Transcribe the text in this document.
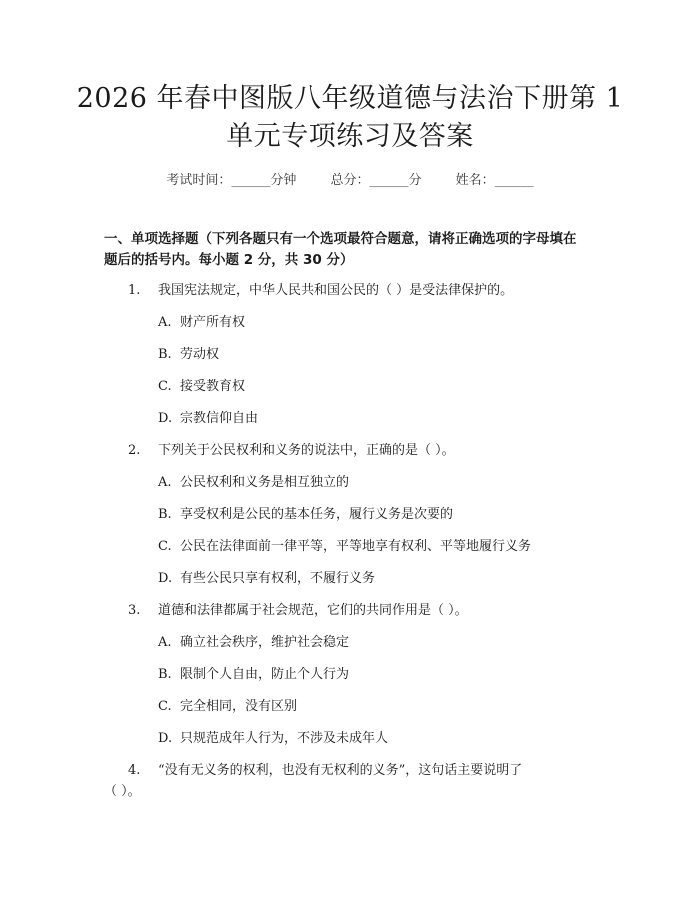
2026 年春中图版八年级道德与法治下册第 1
单元专项练习及答案
考试时间：______分钟	总分：______分	姓名：______
一、单项选择题（下列各题只有一个选项最符合题意，请将正确选项的字母填在
题后的括号内。每小题 2 分，共 30 分）
1. 我国宪法规定，中华人民共和国公民的（ ）是受法律保护的。
A. 财产所有权
B. 劳动权
C. 接受教育权
D. 宗教信仰自由
2. 下列关于公民权利和义务的说法中，正确的是（ ）。
A. 公民权利和义务是相互独立的
B. 享受权利是公民的基本任务，履行义务是次要的
C. 公民在法律面前一律平等，平等地享有权利、平等地履行义务
D. 有些公民只享有权利，不履行义务
3. 道德和法律都属于社会规范，它们的共同作用是（ ）。
A. 确立社会秩序，维护社会稳定
B. 限制个人自由，防止个人行为
C. 完全相同，没有区别
D. 只规范成年人行为，不涉及未成年人
4. “没有无义务的权利，也没有无权利的义务”，这句话主要说明了
（ ）。
